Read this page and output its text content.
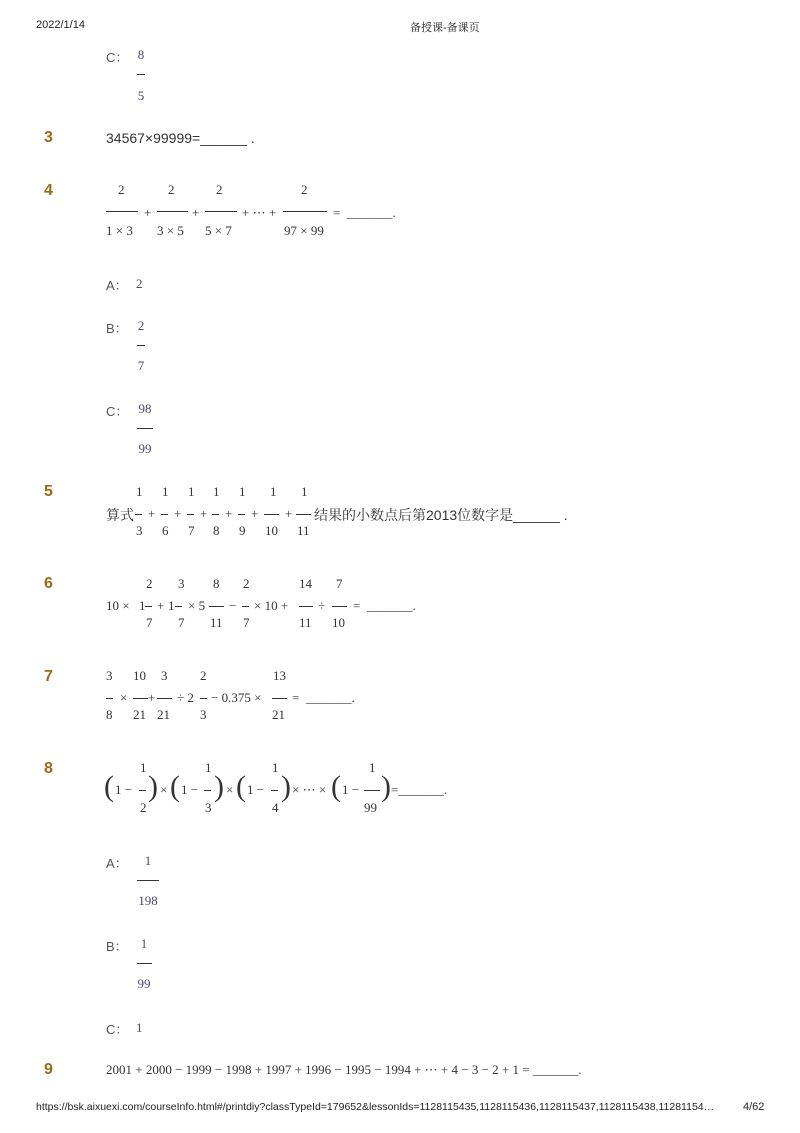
2022/1/14	备授课-备课页
https://bsk.aixuexi.com/courseInfo.html#/printdiy?classTypeId=179652&lessonIds=1128115435,1128115436,1128115437,1128115438,11281154…	4/62
C： 8
5
3	34567×99999=______ .
4	2
1 × 3
+
2
3 × 5
+
2
5 × 7
+ ⋯ +
2
97 × 99
= _______.
A： 2
B： 2
7
C： 98
99
5
算式
1
3
+
1
6
+
1
7
+
1
8
+
1
9
+
1
10
+
1
11
结果的小数点后第2013位数字是______ .
6
10 × 1
2
7
+ 1
3
7
× 5
8
11
−
2
7
× 10 +
14
11
÷
7
10
= _______.
7	3
8
×
10
21
+
3
21
÷ 2
2
3
− 0.375 ×
13
21
= _______.
8
( 1 −
1
2
) × ( 1 −
1
3
) × ( 1 −
1
4
) × ⋯ × ( 1 −
1
99
) =_______.
A：	1
198
B：	1
99
C： 1
9	2001 + 2000 − 1999 − 1998 + 1997 + 1996 − 1995 − 1994 + ⋯ + 4 − 3 − 2 + 1 = _______.
